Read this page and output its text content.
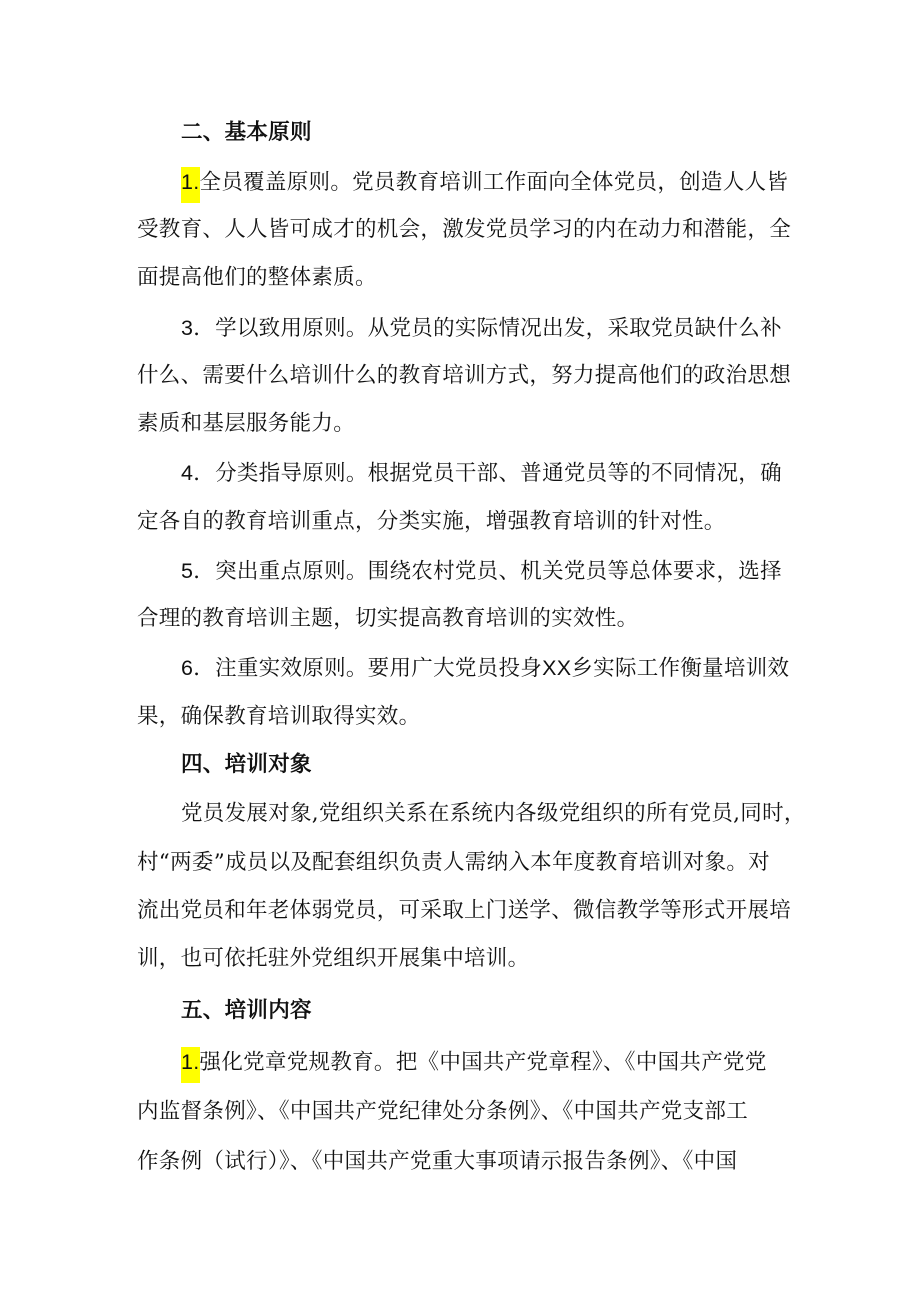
二、基本原则
1.全员覆盖原则。党员教育培训工作面向全体党员，创造人人皆
受教育、人人皆可成才的机会，激发党员学习的内在动力和潜能，全
面提高他们的整体素质。
3．学以致用原则。从党员的实际情况出发，采取党员缺什么补
什么、需要什么培训什么的教育培训方式，努力提高他们的政治思想
素质和基层服务能力。
4．分类指导原则。根据党员干部、普通党员等的不同情况，确
定各自的教育培训重点，分类实施，增强教育培训的针对性。
5．突出重点原则。围绕农村党员、机关党员等总体要求，选择
合理的教育培训主题，切实提高教育培训的实效性。
6．注重实效原则。要用广大党员投身XX乡实际工作衡量培训效
果，确保教育培训取得实效。
四、培训对象
党员发展对象,党组织关系在系统内各级党组织的所有党员,同时，
村“两委”成员以及配套组织负责人需纳入本年度教育培训对象。对
流出党员和年老体弱党员，可采取上门送学、微信教学等形式开展培
训，也可依托驻外党组织开展集中培训。
五、培训内容
1.强化党章党规教育。把《中国共产党章程》、《中国共产党党
内监督条例》、《中国共产党纪律处分条例》、《中国共产党支部工
作条例（试行）》、《中国共产党重大事项请示报告条例》、《中国
